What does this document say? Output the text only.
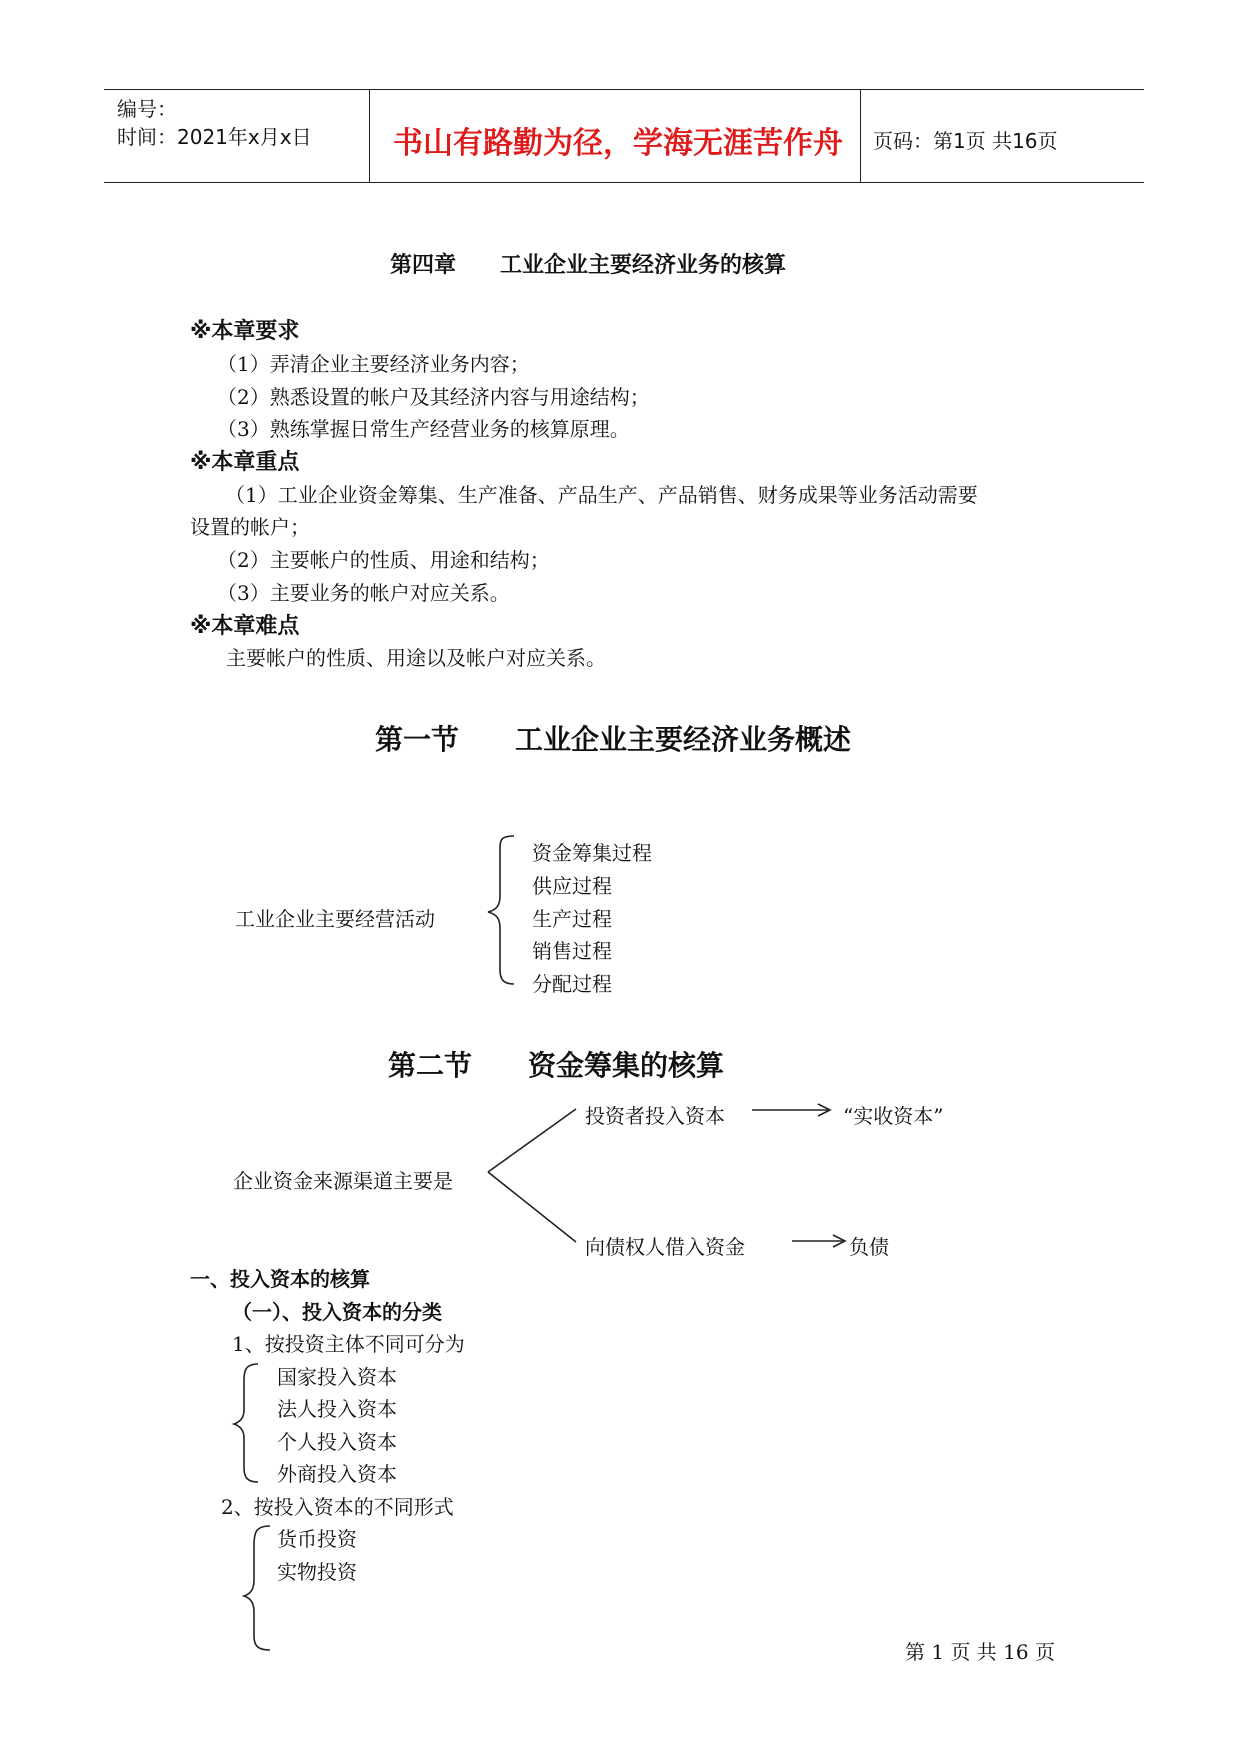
编号：
时间：2021年x月x日	书山有路勤为径，学海无涯苦作舟 页码：第1页 共16页
第四章　　工业企业主要经济业务的核算
※本章要求
（1）弄清企业主要经济业务内容；
（2）熟悉设置的帐户及其经济内容与用途结构；
（3）熟练掌握日常生产经营业务的核算原理。
※本章重点
（1）工业企业资金筹集、生产准备、产品生产、产品销售、财务成果等业务活动需要
设置的帐户；
（2）主要帐户的性质、用途和结构；
（3）主要业务的帐户对应关系。
※本章难点
主要帐户的性质、用途以及帐户对应关系。
第一节　　工业企业主要经济业务概述
工业企业主要经营活动
资金筹集过程
供应过程
生产过程
销售过程
分配过程
第二节　　资金筹集的核算
企业资金来源渠道主要是
投资者投入资本	“实收资本”
向债权人借入资金	负债
一、投入资本的核算
（一）、投入资本的分类
1、按投资主体不同可分为
国家投入资本
法人投入资本
个人投入资本
外商投入资本
2、按投入资本的不同形式
货币投资
实物投资
第 1 页 共 16 页
